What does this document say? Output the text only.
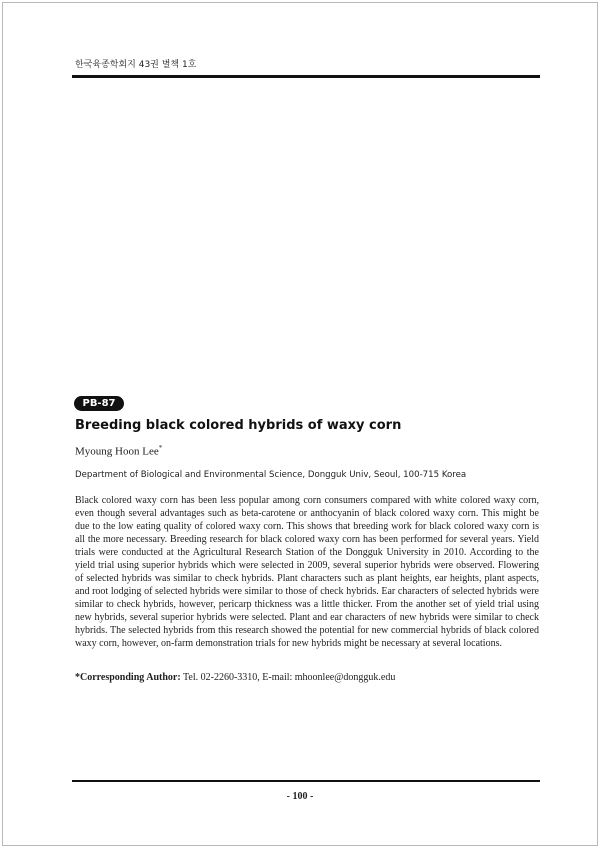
한국육종학회지 43권 별책 1호
PB-87
Breeding black colored hybrids of waxy corn
Myoung Hoon Lee*
Department of Biological and Environmental Science, Dongguk Univ, Seoul, 100-715 Korea

Black colored waxy corn has been less popular among corn consumers compared with white colored waxy corn, even though several advantages such as beta-carotene or anthocyanin of black colored waxy corn. This might be due to the low eating quality of colored waxy corn. This shows that breeding work for black colored waxy corn is all the more necessary. Breeding research for black colored waxy corn has been performed for several years. Yield trials were conducted at the Agricultural Research Station of the Dongguk University in 2010. According to the yield trial using superior hybrids which were selected in 2009, several superior hybrids were observed. Flowering of selected hybrids was similar to check hybrids. Plant characters such as plant heights, ear heights, plant aspects, and root lodging of selected hybrids were similar to those of check hybrids. Ear characters of selected hybrids were similar to check hybrids, however, pericarp thickness was a little thicker. From the another set of yield trial using new hybrids, several superior hybrids were selected. Plant and ear characters of new hybrids were similar to check hybrids. The selected hybrids from this research showed the potential for new commercial hybrids of black colored waxy corn, however, on-farm demonstration trials for new hybrids might be necessary at several locations.

*Corresponding Author: Tel. 02-2260-3310, E-mail: mhoonlee@dongguk.edu
- 100 -
